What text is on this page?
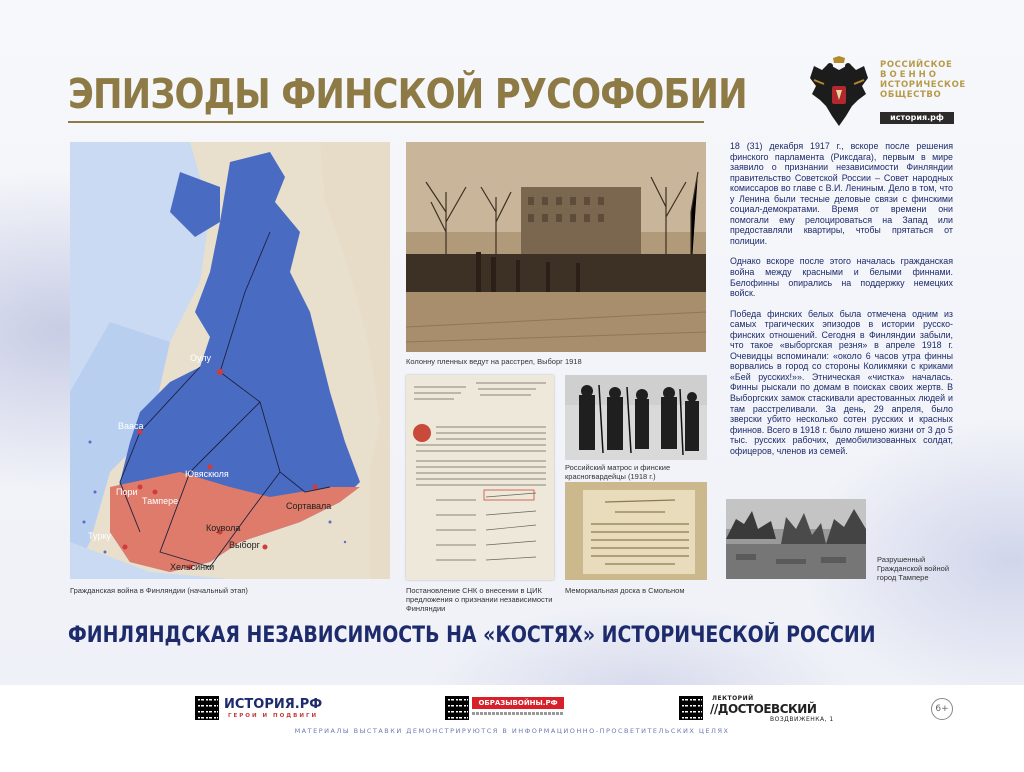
ЭПИЗОДЫ ФИНСКОЙ РУСОФОБИИ
РОССИЙСКОЕ
ВОЕННО
ИСТОРИЧЕСКОЕ
ОБЩЕСТВО
история.рф
Оулу
Вааса
Ювяскюля
Пори
Тампере	Сортавала
Коувола
Выборг
Турку
Хельсинки
Гражданская война в Финляндии (начальный этап)
Колонну пленных ведут на расстрел, Выборг 1918
Постановление СНК о внесении в ЦИК предложения о признании независимости Финляндии
Российский матрос и финские красногвардейцы (1918 г.)
Мемориальная доска в Смольном
Разрушенный Гражданской войной город Тампере

18 (31) декабря 1917 г., вскоре после решения финского парламента (Риксдага), первым в мире заявило о признании независимости Финляндии правительство Советской России – Совет народных комиссаров во главе с В.И. Лениным. Дело в том, что у Ленина были тесные деловые связи с финскими социал-демократами. Время от времени они помогали ему релоцироваться на Запад или предоставляли квартиры, чтобы прятаться от полиции.

Однако вскоре после этого началась гражданская война между красными и белыми финнами. Белофинны опирались на поддержку немецких войск.

Победа финских белых была отмечена одним из самых трагических эпизодов в истории русско-финских отношений. Сегодня в Финляндии забыли, что такое «выборгская резня» в апреле 1918 г. Очевидцы вспоминали: «около 6 часов утра финны ворвались в город со стороны Коликмяки с криками «Бей русских!»». Этническая «чистка» началась. Финны рыскали по домам в поисках своих жертв. В Выборгских замок стаскивали арестованных людей и там расстреливали. За день, 29 апреля, было зверски убито несколько сотен русских и красных финнов. Всего в 1918 г. было лишено жизни от 3 до 5 тыс. русских рабочих, демобилизованных солдат, офицеров, членов из семей.

ФИНЛЯНДСКАЯ НЕЗАВИСИМОСТЬ НА «КОСТЯХ» ИСТОРИЧЕСКОЙ РОССИИ
ИСТОРИЯ.РФ
ГЕРОИ И ПОДВИГИ
ОБРАЗЫВОЙНЫ.РФ
ЛЕКТОРИЙ
//ДОСТОЕВСКИЙ
ВОЗДВИЖЕНКА, 1
6+
МАТЕРИАЛЫ ВЫСТАВКИ ДЕМОНСТРИРУЮТСЯ В ИНФОРМАЦИОННО-ПРОСВЕТИТЕЛЬСКИХ ЦЕЛЯХ
